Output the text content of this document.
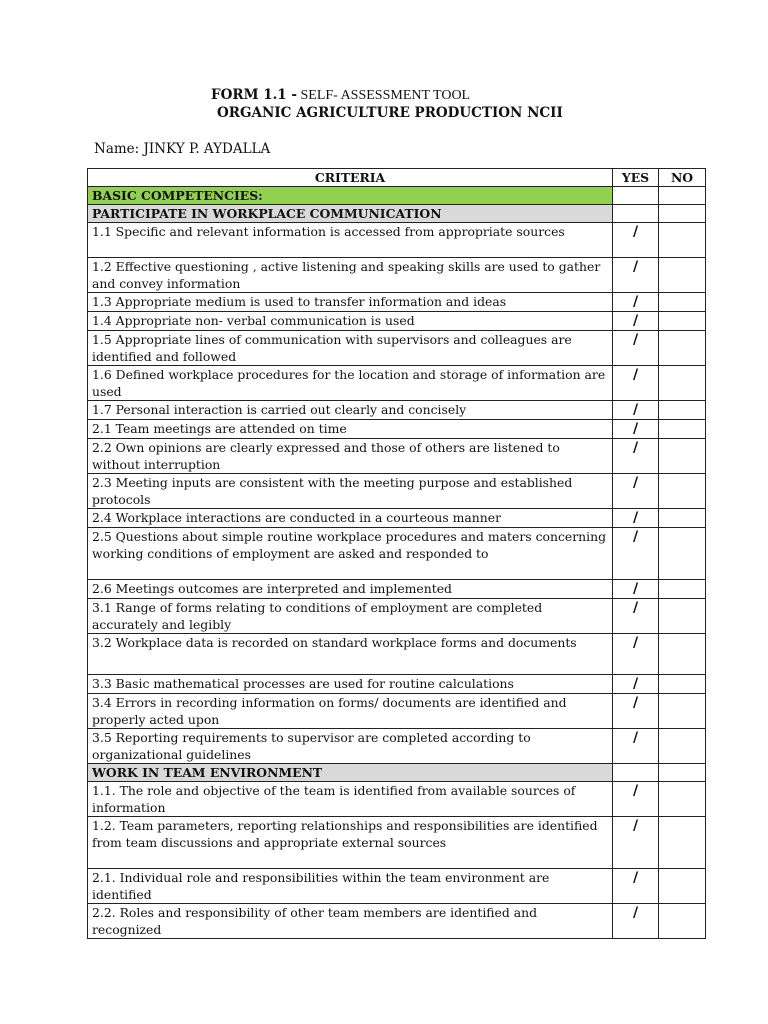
FORM 1.1 - SELF- ASSESSMENT TOOL
ORGANIC AGRICULTURE PRODUCTION NCII
Name: JINKY P. AYDALLA
CRITERIA	YES	NO
BASIC COMPETENCIES:		
PARTICIPATE IN WORKPLACE COMMUNICATION		
1.1 Specific and relevant information is accessed from appropriate sources	/	
1.2 Effective questioning , active listening and speaking skills are used to gather and convey information	/	
1.3 Appropriate medium is used to transfer information and ideas	/	
1.4 Appropriate non- verbal communication is used	/	
1.5 Appropriate lines of communication with supervisors and colleagues are identified and followed	/	
1.6 Defined workplace procedures for the location and storage of information are used	/	
1.7 Personal interaction is carried out clearly and concisely	/	
2.1 Team meetings are attended on time	/	
2.2 Own opinions are clearly expressed and those of others are listened to without interruption	/	
2.3 Meeting inputs are consistent with the meeting purpose and established protocols	/	
2.4 Workplace interactions are conducted in a courteous manner	/	
2.5 Questions about simple routine workplace procedures and maters concerning working conditions of employment are asked and responded to	/	
2.6 Meetings outcomes are interpreted and implemented	/	
3.1 Range of forms relating to conditions of employment are completed accurately and legibly	/	
3.2 Workplace data is recorded on standard workplace forms and documents	/	
3.3 Basic mathematical processes are used for routine calculations	/	
3.4 Errors in recording information on forms/ documents are identified and properly acted upon	/	
3.5 Reporting requirements to supervisor are completed according to organizational guidelines	/	
WORK IN TEAM ENVIRONMENT		
1.1. The role and objective of the team is identified from available sources of information	/	
1.2. Team parameters, reporting relationships and responsibilities are identified from team discussions and appropriate external sources	/	
2.1. Individual role and responsibilities within the team environment are identified	/	
2.2. Roles and responsibility of other team members are identified and recognized	/	
